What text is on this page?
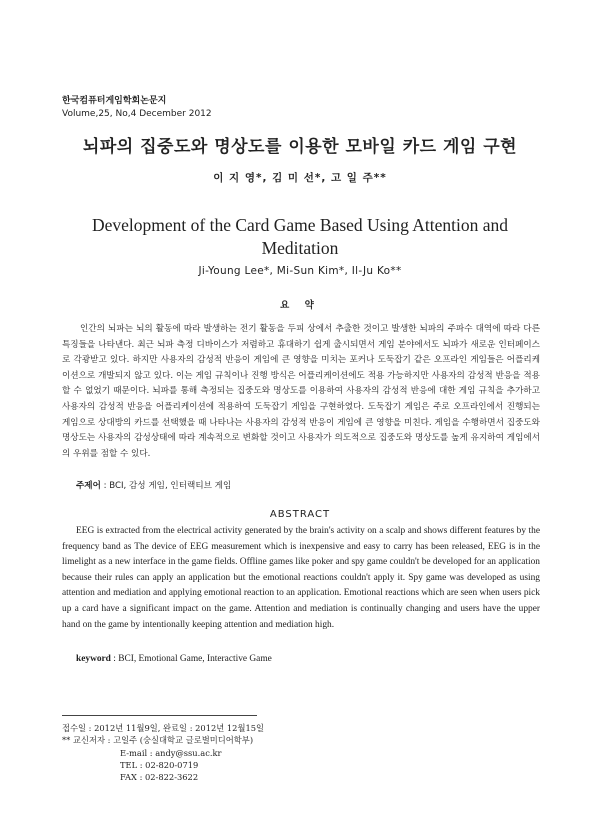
한국컴퓨터게임학회논문지
Volume,25, No,4 December 2012
뇌파의 집중도와 명상도를 이용한 모바일 카드 게임 구현
이 지 영*, 김 미 선*, 고 일 주**
Development of the Card Game Based Using Attention and Meditation
Ji-Young Lee*, Mi-Sun Kim*, Il-Ju Ko**
요 약

인간의 뇌파는 뇌의 활동에 따라 발생하는 전기 활동을 두피 상에서 추출한 것이고 발생한 뇌파의 주파수 대역에 따라 다른 특징들을 나타낸다. 최근 뇌파 측정 디바이스가 저렴하고 휴대하기 쉽게 출시되면서 게임 분야에서도 뇌파가 새로운 인터페이스로 각광받고 있다. 하지만 사용자의 감성적 반응이 게임에 큰 영향을 미치는 포커나 도둑잡기 같은 오프라인 게임들은 어플리케이션으로 개발되지 않고 있다. 이는 게임 규칙이나 진행 방식은 어플리케이션에도 적용 가능하지만 사용자의 감성적 반응을 적용할 수 없었기 때문이다. 뇌파를 통해 측정되는 집중도와 명상도를 이용하여 사용자의 감성적 반응에 대한 게임 규칙을 추가하고 사용자의 감성적 반응을 어플리케이션에 적용하여 도둑잡기 게임을 구현하였다. 도둑잡기 게임은 주로 오프라인에서 진행되는 게임으로 상대방의 카드를 선택했을 때 나타나는 사용자의 감성적 반응이 게임에 큰 영향을 미친다. 게임을 수행하면서 집중도와 명상도는 사용자의 감성상태에 따라 계속적으로 변화할 것이고 사용자가 의도적으로 집중도와 명상도를 높게 유지하여 게임에서의 우위를 점할 수 있다.

주제어 : BCI, 감성 게임, 인터랙티브 게임
ABSTRACT

EEG is extracted from the electrical activity generated by the brain's activity on a scalp and shows different features by the frequency band as The device of EEG measurement which is inexpensive and easy to carry has been released, EEG is in the limelight as a new interface in the game fields. Offline games like poker and spy game couldn't be developed for an application because their rules can apply an application but the emotional reactions couldn't apply it. Spy game was developed as using attention and mediation and applying emotional reaction to an application. Emotional reactions which are seen when users pick up a card have a significant impact on the game. Attention and mediation is continually changing and users have the upper hand on the game by intentionally keeping attention and mediation high.

keyword : BCI, Emotional Game, Interactive Game
접수일 : 2012년 11월9일, 완료일 : 2012년 12월15일
** 교신저자 : 고일주 (숭실대학교 글로벌미디어학부)
E-mail : andy@ssu.ac.kr
TEL : 02-820-0719
FAX : 02-822-3622
